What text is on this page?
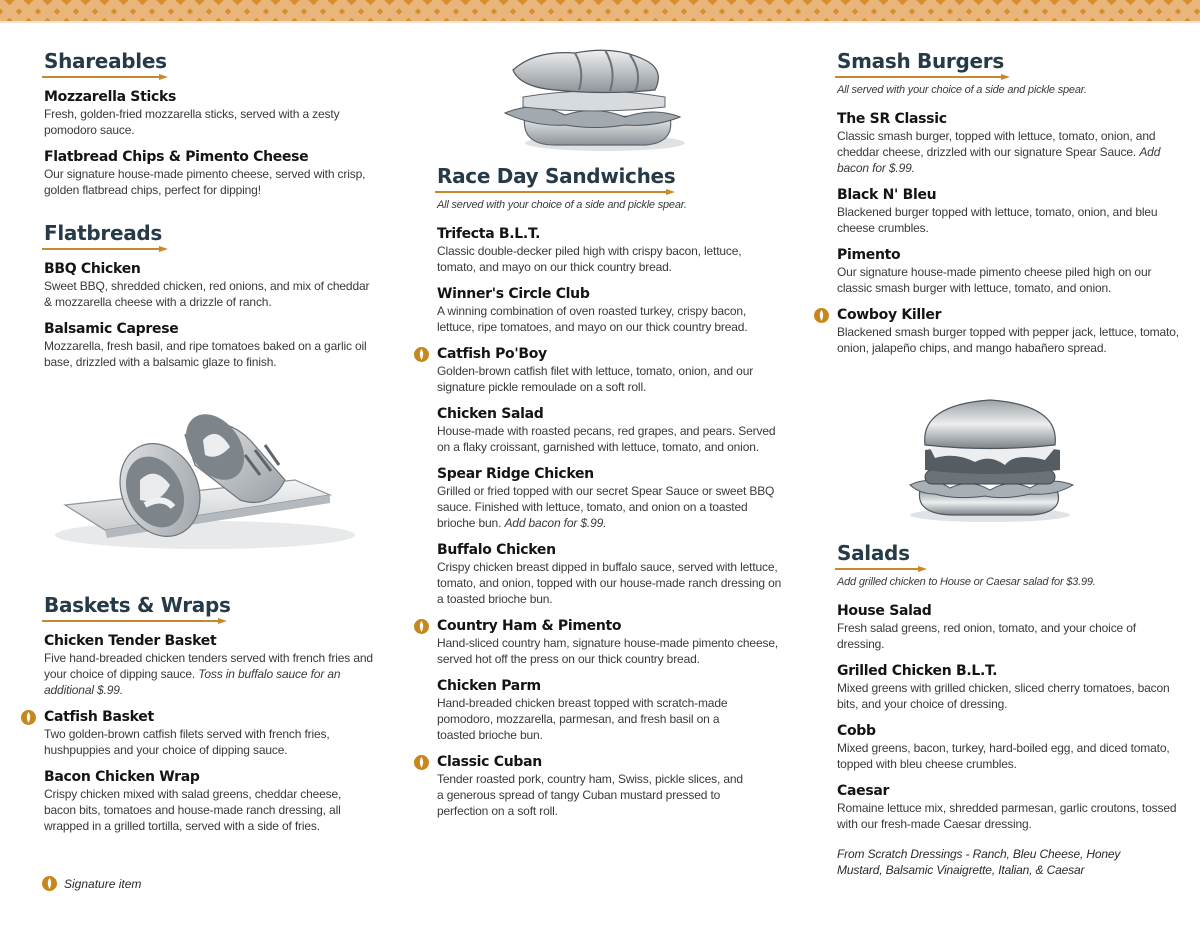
Shareables
Mozzarella Sticks
Fresh, golden-fried mozzarella sticks, served with a zesty pomodoro sauce.
Flatbread Chips & Pimento Cheese
Our signature house-made pimento cheese, served with crisp, golden flatbread chips, perfect for dipping!
Flatbreads
BBQ Chicken
Sweet BBQ, shredded chicken, red onions, and mix of cheddar & mozzarella cheese with a drizzle of ranch.
Balsamic Caprese
Mozzarella, fresh basil, and ripe tomatoes baked on a garlic oil base, drizzled with a balsamic glaze to finish.
Baskets & Wraps
Chicken Tender Basket
Five hand-breaded chicken tenders served with french fries and your choice of dipping sauce. Toss in buffalo sauce for an additional $.99.
Catfish Basket
Two golden-brown catfish filets served with french fries, hushpuppies and your choice of dipping sauce.
Bacon Chicken Wrap
Crispy chicken mixed with salad greens, cheddar cheese, bacon bits, tomatoes and house-made ranch dressing, all wrapped in a grilled tortilla, served with a side of fries.
Signature item
Race Day Sandwiches
All served with your choice of a side and pickle spear.
Trifecta B.L.T.
Classic double-decker piled high with crispy bacon, lettuce, tomato, and mayo on our thick country bread.
Winner's Circle Club
A winning combination of oven roasted turkey, crispy bacon, lettuce, ripe tomatoes, and mayo on our thick country bread.
Catfish Po'Boy
Golden-brown catfish filet with lettuce, tomato, onion, and our signature pickle remoulade on a soft roll.
Chicken Salad
House-made with roasted pecans, red grapes, and pears. Served on a flaky croissant, garnished with lettuce, tomato, and onion.
Spear Ridge Chicken
Grilled or fried topped with our secret Spear Sauce or sweet BBQ sauce. Finished with lettuce, tomato, and onion on a toasted brioche bun. Add bacon for $.99.
Buffalo Chicken
Crispy chicken breast dipped in buffalo sauce, served with lettuce, tomato, and onion, topped with our house-made ranch dressing on a toasted brioche bun.
Country Ham & Pimento
Hand-sliced country ham, signature house-made pimento cheese, served hot off the press on our thick country bread.
Chicken Parm
Hand-breaded chicken breast topped with scratch-made pomodoro, mozzarella, parmesan, and fresh basil on a toasted brioche bun.
Classic Cuban
Tender roasted pork, country ham, Swiss, pickle slices, and a generous spread of tangy Cuban mustard pressed to perfection on a soft roll.
Smash Burgers
All served with your choice of a side and pickle spear.
The SR Classic
Classic smash burger, topped with lettuce, tomato, onion, and cheddar cheese, drizzled with our signature Spear Sauce. Add bacon for $.99.
Black N' Bleu
Blackened burger topped with lettuce, tomato, onion, and bleu cheese crumbles.
Pimento
Our signature house-made pimento cheese piled high on our classic smash burger with lettuce, tomato, and onion.
Cowboy Killer
Blackened smash burger topped with pepper jack, lettuce, tomato, onion, jalapeño chips, and mango habañero spread.
Salads
Add grilled chicken to House or Caesar salad for $3.99.
House Salad
Fresh salad greens, red onion, tomato, and your choice of dressing.
Grilled Chicken B.L.T.
Mixed greens with grilled chicken, sliced cherry tomatoes, bacon bits, and your choice of dressing.
Cobb
Mixed greens, bacon, turkey, hard-boiled egg, and diced tomato, topped with bleu cheese crumbles.
Caesar
Romaine lettuce mix, shredded parmesan, garlic croutons, tossed with our fresh-made Caesar dressing.
From Scratch Dressings - Ranch, Bleu Cheese, Honey Mustard, Balsamic Vinaigrette, Italian, & Caesar
